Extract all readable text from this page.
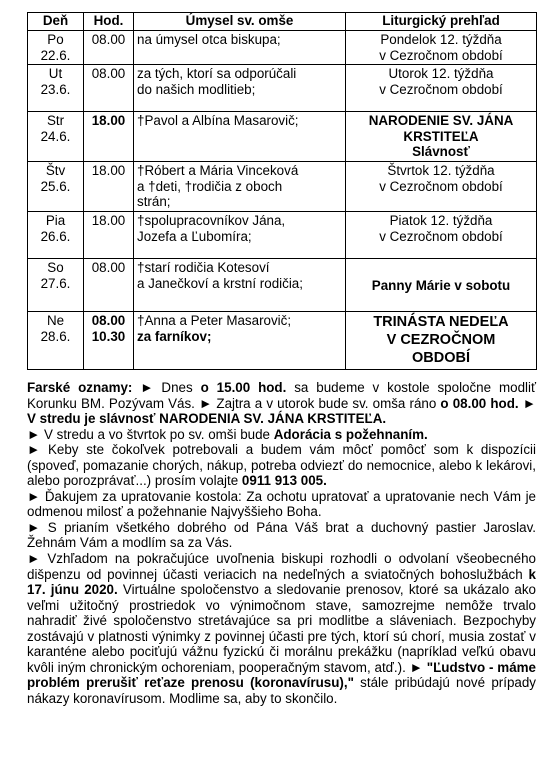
Deň	Hod.	Úmysel sv. omše	Liturgický prehľad

Po
22.6.	08.00	na úmysel otca biskupa;	Pondelok 12. týždňa
v Cezročnom období

Ut
23.6.	08.00	za tých, ktorí sa odporúčali
do našich modlitieb;	Utorok 12. týždňa
v Cezročnom období

Str
24.6.	18.00	†Pavol a Albína Masarovič;	NARODENIE SV. JÁNA
KRSTITEĽA
Slávnosť

Štv
25.6.	18.00	†Róbert a Mária Vinceková
a †deti, †rodičia z oboch
strán;	Štvrtok 12. týždňa
v Cezročnom období

Pia
26.6.	18.00	†spolupracovníkov Jána,
Jozefa a Ľubomíra;	Piatok 12. týždňa
v Cezročnom období

So
27.6.	08.00	†starí rodičia Kotesoví
a Janečkoví a krstní rodičia;	Panny Márie v sobotu

Ne
28.6.	08.00
10.30	†Anna a Peter Masarovič;
za farníkov;	TRINÁSTA NEDEĽA
V CEZROČNOM
OBDOBÍ

Farské oznamy: ► Dnes o 15.00 hod. sa budeme v kostole spoločne modliť Korunku BM. Pozývam Vás. ► Zajtra a v utorok bude sv. omša ráno o 08.00 hod. ► V stredu je slávnosť NARODENIA SV. JÁNA KRSTITEĽA.

► V stredu a vo štvrtok po sv. omši bude Adorácia s požehnaním.

► Keby ste čokoľvek potrebovali a budem vám môcť pomôcť som k dispozícii (spoveď, pomazanie chorých, nákup, potreba odviezť do nemocnice, alebo k lekárovi, alebo porozprávať...) prosím volajte 0911 913 005.

► Ďakujem za upratovanie kostola: Za ochotu upratovať a upratovanie nech Vám je odmenou milosť a požehnanie Najvyššieho Boha.

► S prianím všetkého dobrého od Pána Váš brat a duchovný pastier Jaroslav. Žehnám Vám a modlím sa za Vás.

► Vzhľadom na pokračujúce uvoľnenia biskupi rozhodli o odvolaní všeobecného dišpenzu od povinnej účasti veriacich na nedeľných a sviatočných bohoslužbách k 17. júnu 2020. Virtuálne spoločenstvo a sledovanie prenosov, ktoré sa ukázalo ako veľmi užitočný prostriedok vo výnimočnom stave, samozrejme nemôže trvalo nahradiť živé spoločenstvo stretávajúce sa pri modlitbe a sláveniach. Bezpochyby zostávajú v platnosti výnimky z povinnej účasti pre tých, ktorí sú chorí, musia zostať v karanténe alebo pociťujú vážnu fyzickú či morálnu prekážku (napríklad veľkú obavu kvôli iným chronickým ochoreniam, pooperačným stavom, atď.). ► "Ľudstvo - máme problém prerušiť reťaze prenosu (koronavírusu)," stále pribúdajú nové prípady nákazy koronavírusom. Modlime sa, aby to skončilo.
